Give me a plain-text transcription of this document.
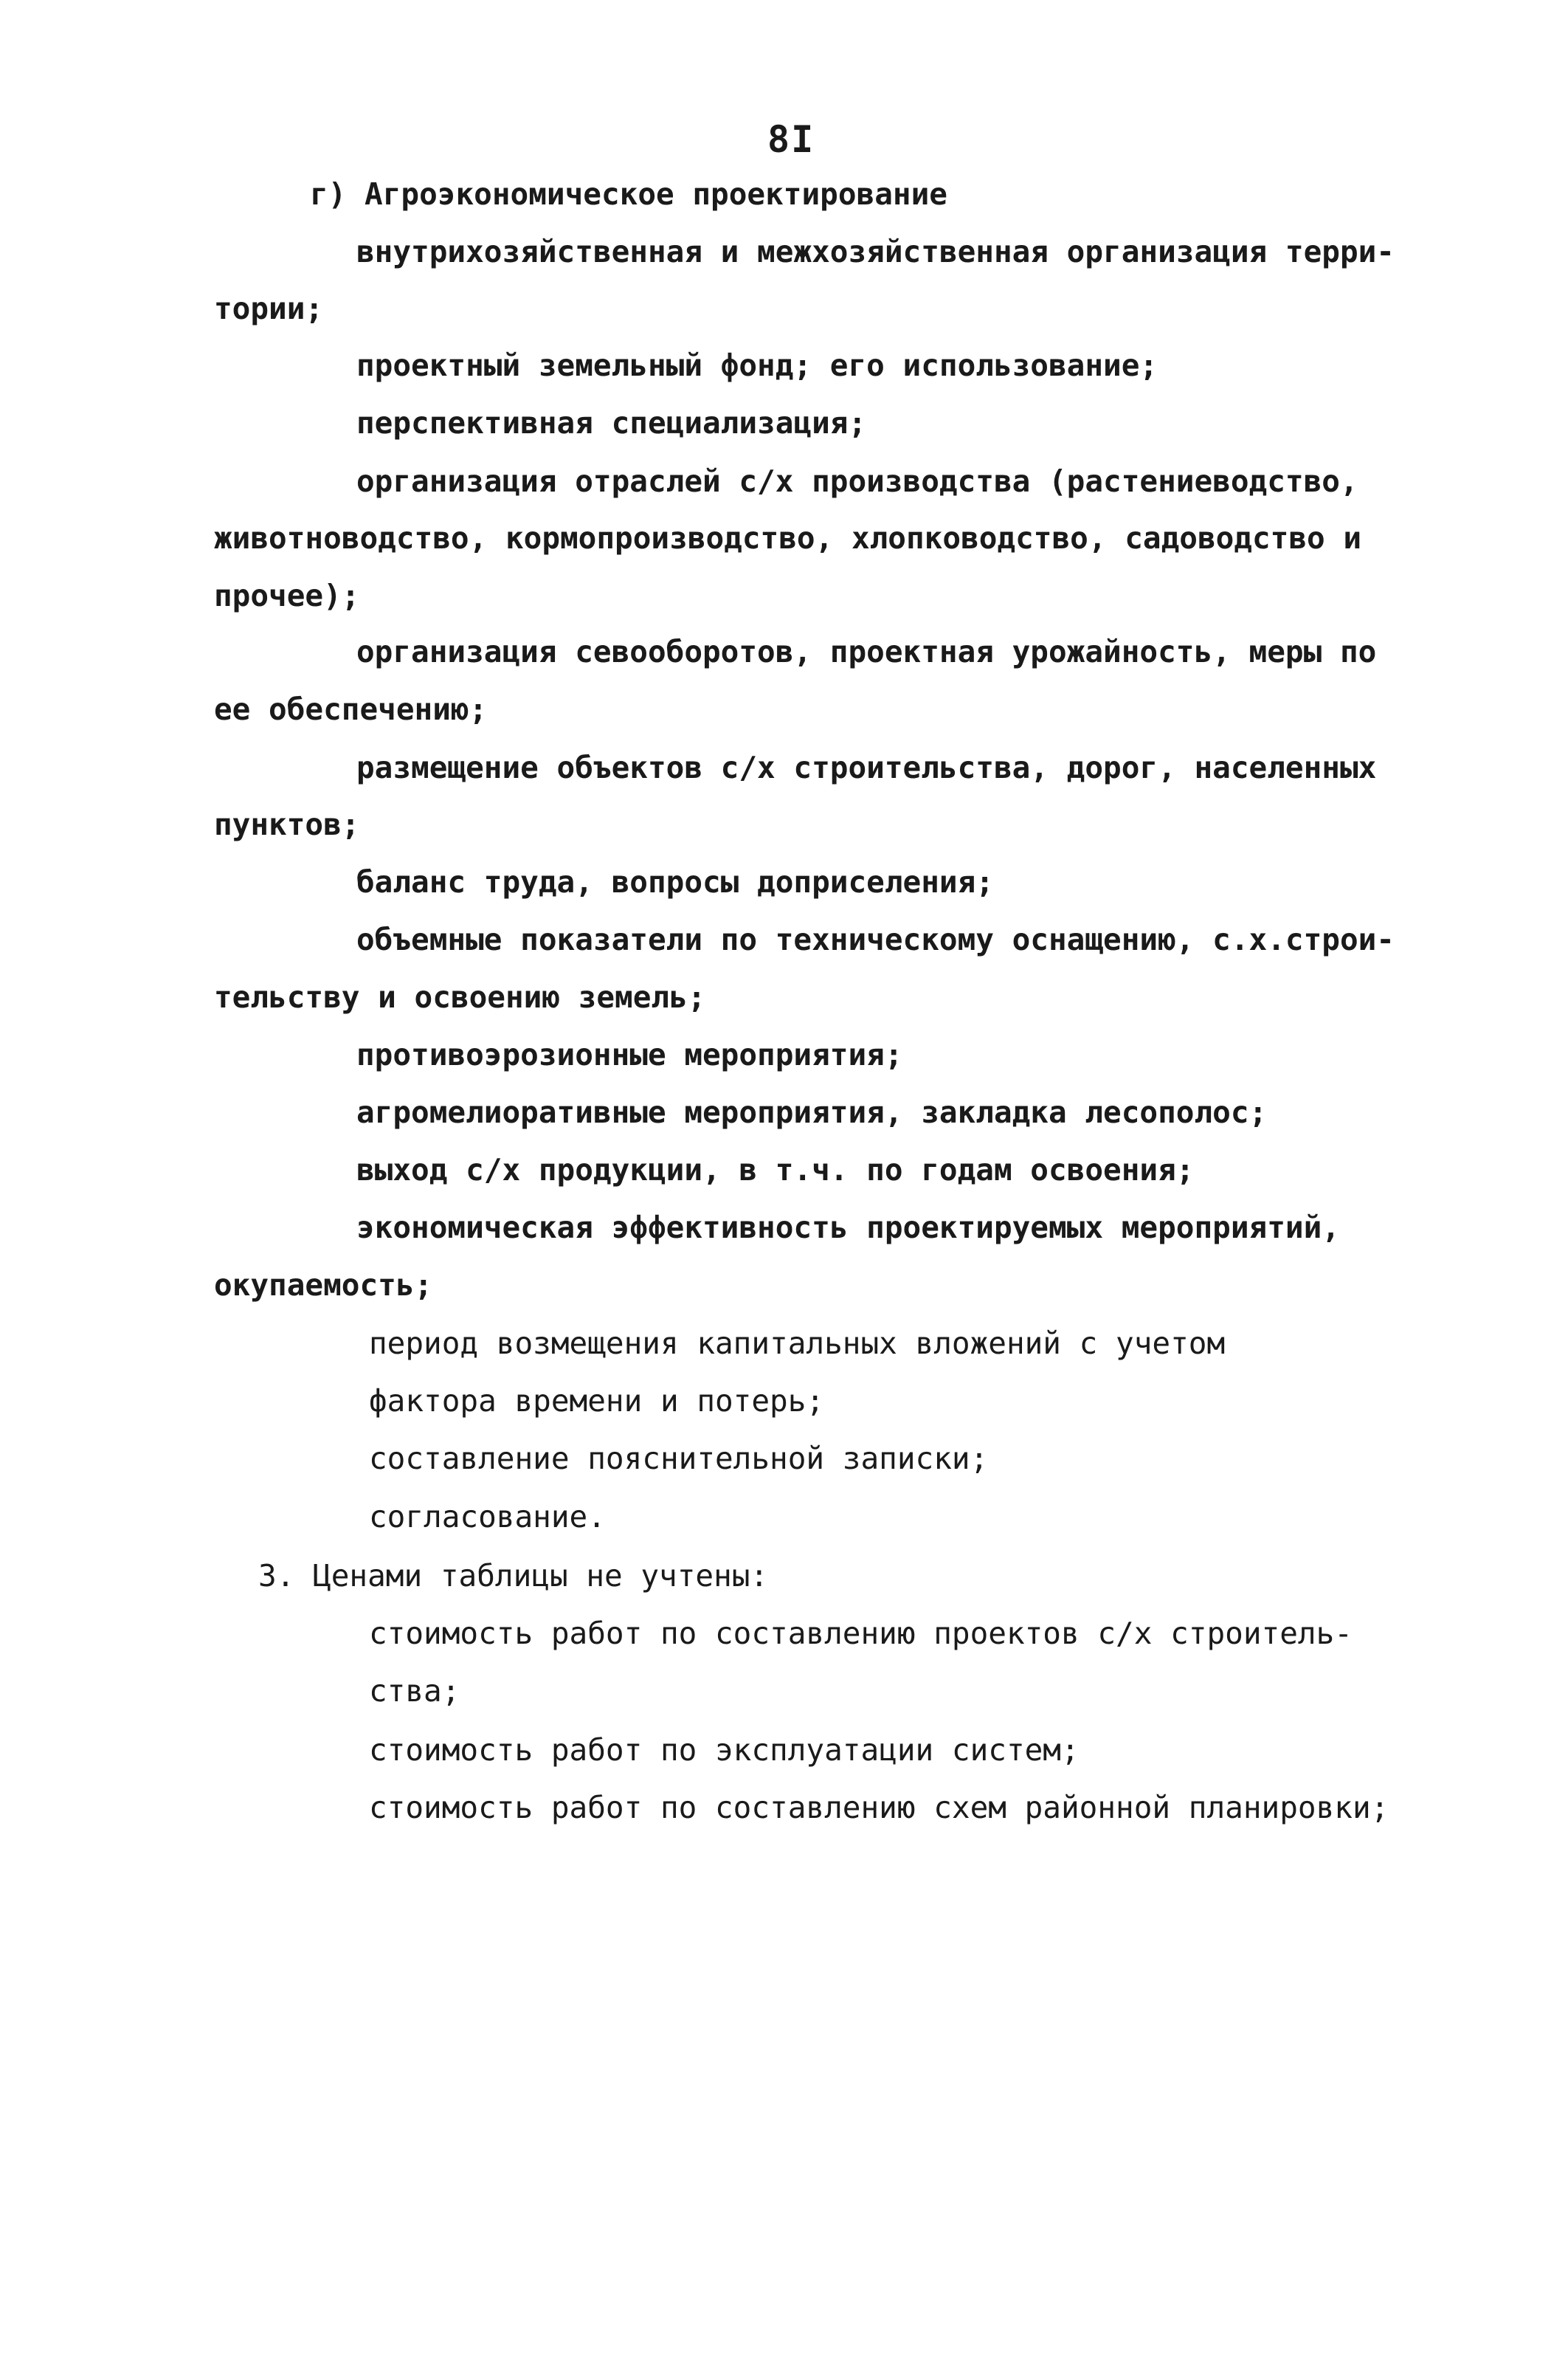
8I
г) Агроэкономическое проектирование
внутрихозяйственная и межхозяйственная организация терри-
тории;
проектный земельный фонд; его использование;
перспективная специализация;
организация отраслей с/х производства (растениеводство,
животноводство, кормопроизводство, хлопководство, садоводство и
прочее);
организация севооборотов, проектная урожайность, меры по
ее обеспечению;
размещение объектов с/х строительства, дорог, населенных
пунктов;
баланс труда, вопросы доприселения;
объемные показатели по техническому оснащению, с.х.строи-
тельству и освоению земель;
противоэрозионные мероприятия;
агромелиоративные мероприятия, закладка лесополос;
выход с/х продукции, в т.ч. по годам освоения;
экономическая эффективность проектируемых мероприятий,
окупаемость;
период возмещения капитальных вложений с учетом
фактора времени и потерь;
составление пояснительной записки;
согласование.
3. Ценами таблицы не учтены:
стоимость работ по составлению проектов с/х строитель-
ства;
стоимость работ по эксплуатации систем;
стоимость работ по составлению схем районной планировки;
